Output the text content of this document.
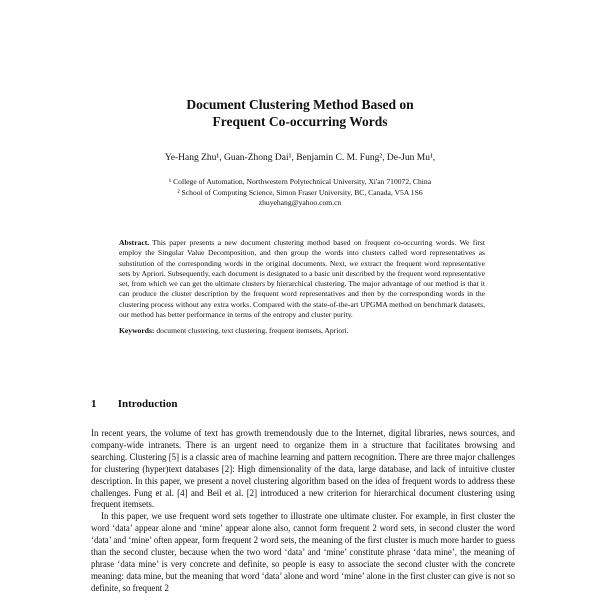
Document Clustering Method Based on
Frequent Co-occurring Words
Ye-Hang Zhu¹, Guan-Zhong Dai¹, Benjamin C. M. Fung², De-Jun Mu¹,
¹ College of Automation, Northwestern Polytechnical University, Xi'an 710072, China
² School of Computing Science, Simon Fraser University, BC, Canada, V5A 1S6
zhuyehang@yahoo.com.cn

Abstract. This paper presents a new document clustering method based on frequent co-occurring words. We first employ the Singular Value Decomposition, and then group the words into clusters called word representatives as substitution of the corresponding words in the original documents. Next, we extract the frequent word representative sets by Apriori. Subsequently, each document is designated to a basic unit described by the frequent word representative set, from which we can get the ultimate clusters by hierarchical clustering. The major advantage of our method is that it can produce the cluster description by the frequent word representatives and then by the corresponding words in the clustering process without any extra works. Compared with the state-of-the-art UPGMA method on benchmark datasets, our method has better performance in terms of the entropy and cluster purity.

Keywords: document clustering, text clustering, frequent itemsets, Apriori.

1 Introduction

In recent years, the volume of text has growth tremendously due to the Internet, digital libraries, news sources, and company-wide intranets. There is an urgent need to organize them in a structure that facilitates browsing and searching. Clustering [5] is a classic area of machine learning and pattern recognition. There are three major challenges for clustering (hyper)text databases [2]: High dimensionality of the data, large database, and lack of intuitive cluster description. In this paper, we present a novel clustering algorithm based on the idea of frequent words to address these challenges. Fung et al. [4] and Beil et al. [2] introduced a new criterion for hierarchical document clustering using frequent itemsets.

In this paper, we use frequent word sets together to illustrate one ultimate cluster. For example, in first cluster the word ‘data’ appear alone and ‘mine’ appear alone also, cannot form frequent 2 word sets, in second cluster the word ‘data’ and ‘mine’ often appear, form frequent 2 word sets, the meaning of the first cluster is much more harder to guess than the second cluster, because when the two word ‘data’ and ‘mine’ constitute phrase ‘data mine’, the meaning of phrase ‘data mine’ is very concrete and definite, so people is easy to associate the second cluster with the concrete meaning: data mine, but the meaning that word ‘data’ alone and word ‘mine’ alone in the first cluster can give is not so definite, so frequent 2
